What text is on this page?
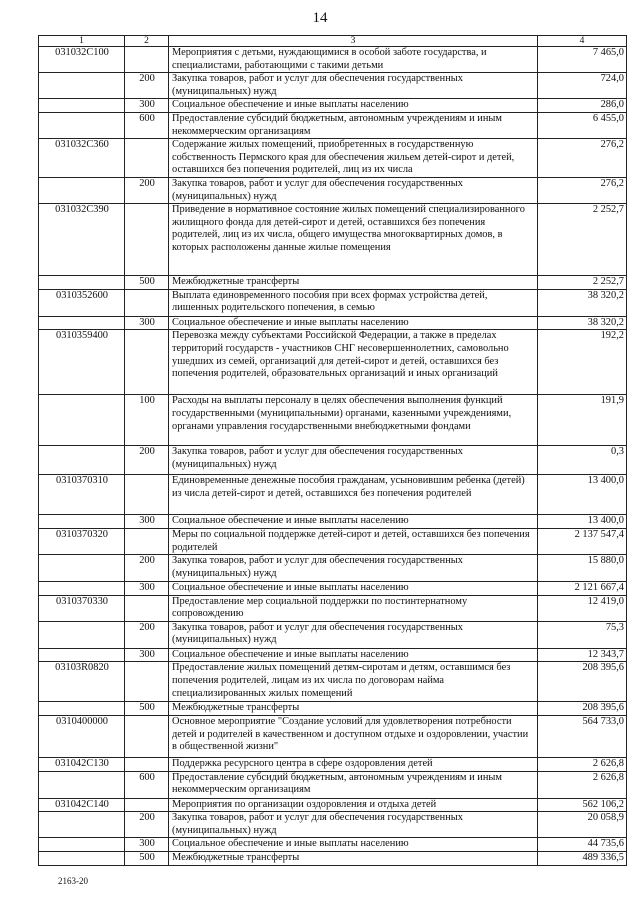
14
1	2	3	4
031032С100		Мероприятия с детьми, нуждающимися в особой заботе государства, и специалистами, работающими с такими детьми	7 465,0
	200	Закупка товаров, работ и услуг для обеспечения государственных (муниципальных) нужд	724,0
	300	Социальное обеспечение и иные выплаты населению	286,0
	600	Предоставление субсидий бюджетным, автономным учреждениям и иным некоммерческим организациям	6 455,0
031032С360		Содержание жилых помещений, приобретенных в государственную собственность Пермского края для обеспечения жильем детей-сирот и детей, оставшихся без попечения родителей, лиц из их числа	276,2
	200	Закупка товаров, работ и услуг для обеспечения государственных (муниципальных) нужд	276,2
031032С390		Приведение в нормативное состояние жилых помещений специализированного жилищного фонда для детей-сирот и детей, оставшихся без попечения родителей, лиц из их числа, общего имущества многоквартирных домов, в которых расположены данные жилые помещения	2 252,7
	500	Межбюджетные трансферты	2 252,7
0310352600		Выплата единовременного пособия при всех формах устройства детей, лишенных родительского попечения, в семью	38 320,2
	300	Социальное обеспечение и иные выплаты населению	38 320,2
0310359400		Перевозка между субъектами Российской Федерации, а также в пределах территорий государств - участников СНГ несовершеннолетних, самовольно ушедших из семей, организаций для детей-сирот и детей, оставшихся без попечения родителей, образовательных организаций и иных организаций	192,2
	100	Расходы на выплаты персоналу в целях обеспечения выполнения функций государственными (муниципальными) органами, казенными учреждениями, органами управления государственными внебюджетными фондами	191,9
	200	Закупка товаров, работ и услуг для обеспечения государственных (муниципальных) нужд	0,3
0310370310		Единовременные денежные пособия гражданам, усыновившим ребенка (детей) из числа детей-сирот и детей, оставшихся без попечения родителей	13 400,0
	300	Социальное обеспечение и иные выплаты населению	13 400,0
0310370320		Меры по социальной поддержке детей-сирот и детей, оставшихся без попечения родителей	2 137 547,4
	200	Закупка товаров, работ и услуг для обеспечения государственных (муниципальных) нужд	15 880,0
	300	Социальное обеспечение и иные выплаты населению	2 121 667,4
0310370330		Предоставление мер социальной поддержки по постинтернатному сопровождению	12 419,0
	200	Закупка товаров, работ и услуг для обеспечения государственных (муниципальных) нужд	75,3
	300	Социальное обеспечение и иные выплаты населению	12 343,7
03103R0820		Предоставление жилых помещений детям-сиротам и детям, оставшимся без попечения родителей, лицам из их числа по договорам найма специализированных жилых помещений	208 395,6
	500	Межбюджетные трансферты	208 395,6
0310400000		Основное мероприятие "Создание условий для удовлетворения потребности детей и родителей в качественном и доступном отдыхе и оздоровлении, участии в общественной жизни"	564 733,0
031042С130		Поддержка ресурсного центра в сфере оздоровления детей	2 626,8
	600	Предоставление субсидий бюджетным, автономным учреждениям и иным некоммерческим организациям	2 626,8
031042С140		Мероприятия по организации оздоровления и отдыха детей	562 106,2
	200	Закупка товаров, работ и услуг для обеспечения государственных (муниципальных) нужд	20 058,9
	300	Социальное обеспечение и иные выплаты населению	44 735,6
	500	Межбюджетные трансферты	489 336,5
2163-20
